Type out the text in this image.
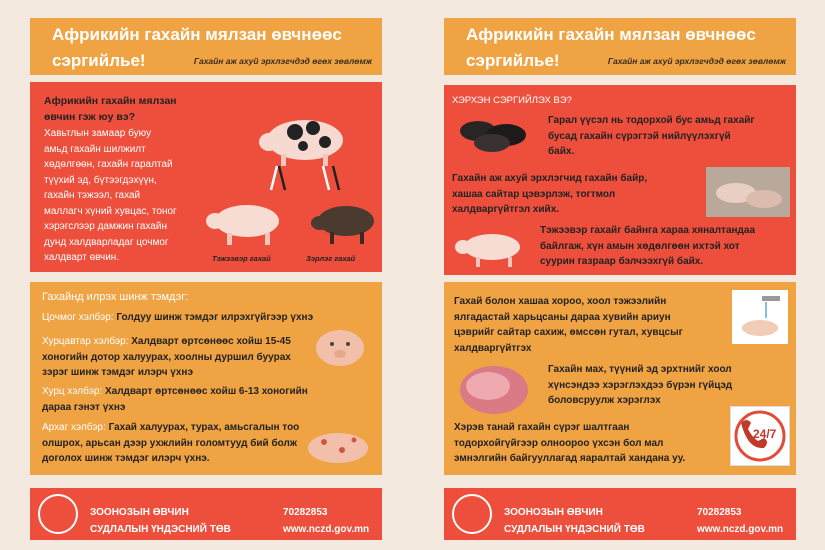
Африкийн гахайн мялзан өвчнөөс
сэргийлье!	Гахайн аж ахуй эрхлэгчдэд өгөх зөвлөмж
Африкийн гахайн мялзан
өвчин гэж юу вэ?
Хавьтлын замаар буюу
амьд гахайн шилжилт
хөдөлгөөн, гахайн гаралтай
түүхий эд, бүтээгдэхүүн,
гахайн тэжээл, гахай
маллагч хүний хувцас, тоног
хэрэгслээр дамжин гахайн
дунд халдварладаг цочмог
халдварт өвчин.	Тэжээвэр гахай	Зэрлэг гахай
Гахайнд илрэх шинж тэмдэг:
Цочмог хэлбэр: Голдуу шинж тэмдэг илрэхгүйгээр үхнэ
Хурцавтар хэлбэр: Халдварт өртсөнөөс хойш 15-45
хоногийн дотор халуурах, хоолны дуршил буурах
зэрэг шинж тэмдэг илэрч үхнэ
Хурц хэлбэр: Халдварт өртсөнөөс хойш 6-13 хоногийн
дараа гэнэт үхнэ
Архаг хэлбэр: Гахай халуурах, турах, амьсгалын тоо
олшрох, арьсан дээр ухжлийн голомтууд бий болж
доголох шинж тэмдэг илэрч үхнэ.
ЗООНОЗЫН ӨВЧИН
СУДЛАЛЫН ҮНДЭСНИЙ ТӨВ
70282853
www.nczd.gov.mn
Африкийн гахайн мялзан өвчнөөс
сэргийлье!	Гахайн аж ахуй эрхлэгчдэд өгөх зөвлөмж
ХЭРХЭН СЭРГИЙЛЭХ ВЭ?
Гарал үүсэл нь тодорхой бус амьд гахайг
бусад гахайн сүрэгтэй нийлүүлэхгүй
байх.
Гахайн аж ахуй эрхлэгчид гахайн байр,
хашаа сайтар цэвэрлэж, тогтмол
халдваргүйтгэл хийх.
Тэжээвэр гахайг байнга хараа хяналтандаа
байлгаж, хүн амын хөдөлгөөн ихтэй хот
суурин газраар бэлчээхгүй байх.
Гахай болон хашаа хороо, хоол тэжээлийн
ялгадастай харьцсаны дараа хувийн ариун
цэврийг сайтар сахиж, өмссөн гутал, хувцсыг
халдваргүйтгэх
Гахайн мах, түүний эд эрхтнийг хоол
хүнсэндээ хэрэглэхдээ бүрэн гүйцэд
боловсруулж хэрэглэх
Хэрэв танай гахайн сүрэг шалтгаан
тодорхойгүйгээр олноороо үхсэн бол мал
эмнэлгийн байгууллагад яаралтай хандана уу.
24/7
ЗООНОЗЫН ӨВЧИН
СУДЛАЛЫН ҮНДЭСНИЙ ТӨВ
70282853
www.nczd.gov.mn
